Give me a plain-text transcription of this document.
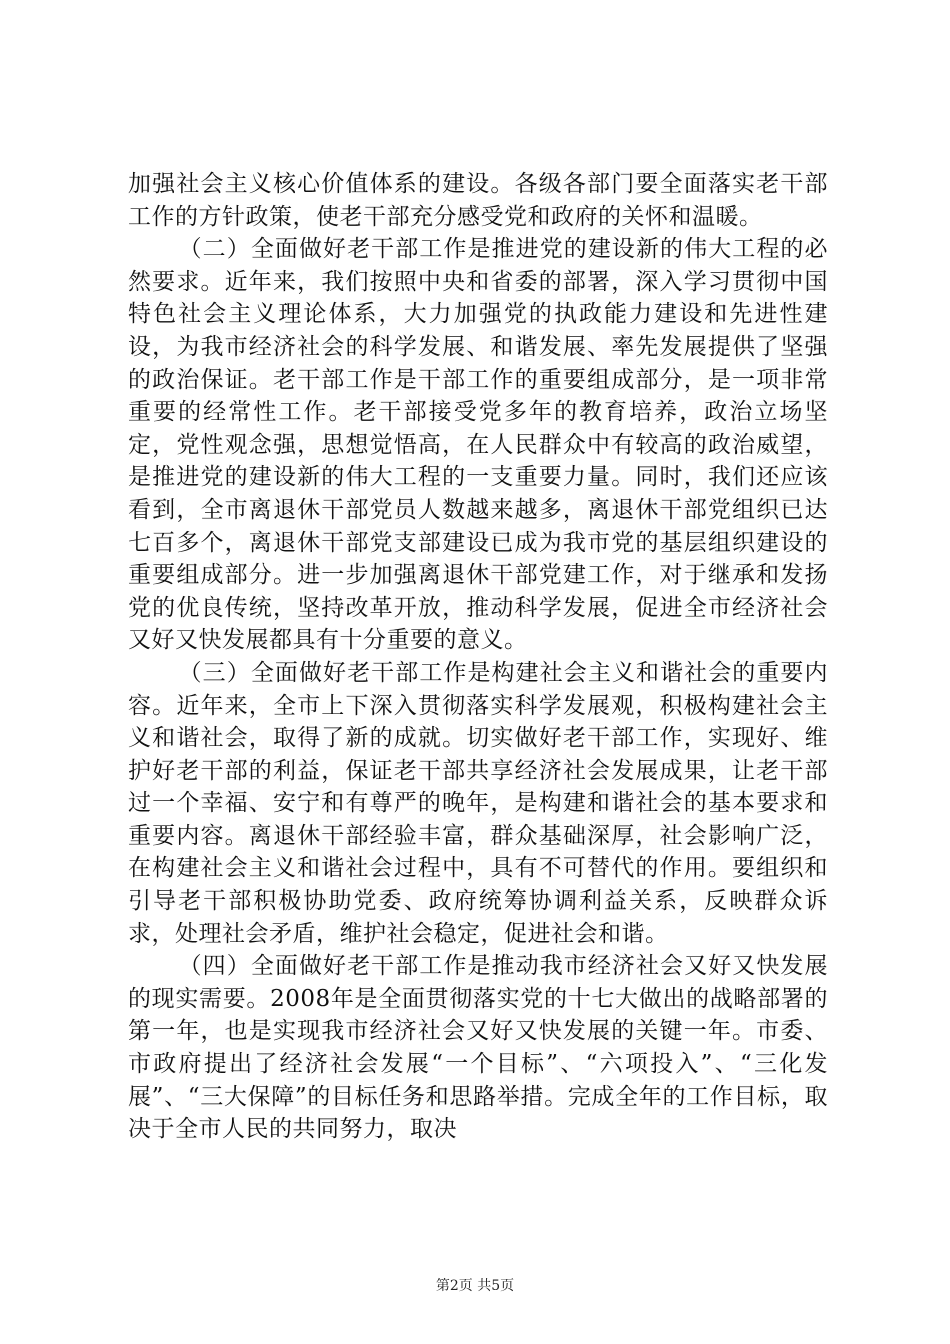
加强社会主义核心价值体系的建设。各级各部门要全面落实老干部工作的方针政策，使老干部充分感受党和政府的关怀和温暖。

（二）全面做好老干部工作是推进党的建设新的伟大工程的必然要求。近年来，我们按照中央和省委的部署，深入学习贯彻中国特色社会主义理论体系，大力加强党的执政能力建设和先进性建设，为我市经济社会的科学发展、和谐发展、率先发展提供了坚强的政治保证。老干部工作是干部工作的重要组成部分，是一项非常重要的经常性工作。老干部接受党多年的教育培养，政治立场坚定，党性观念强，思想觉悟高，在人民群众中有较高的政治威望，是推进党的建设新的伟大工程的一支重要力量。同时，我们还应该看到，全市离退休干部党员人数越来越多，离退休干部党组织已达七百多个，离退休干部党支部建设已成为我市党的基层组织建设的重要组成部分。进一步加强离退休干部党建工作，对于继承和发扬党的优良传统，坚持改革开放，推动科学发展，促进全市经济社会又好又快发展都具有十分重要的意义。

（三）全面做好老干部工作是构建社会主义和谐社会的重要内容。近年来，全市上下深入贯彻落实科学发展观，积极构建社会主义和谐社会，取得了新的成就。切实做好老干部工作，实现好、维护好老干部的利益，保证老干部共享经济社会发展成果，让老干部过一个幸福、安宁和有尊严的晚年，是构建和谐社会的基本要求和重要内容。离退休干部经验丰富，群众基础深厚，社会影响广泛，在构建社会主义和谐社会过程中，具有不可替代的作用。要组织和引导老干部积极协助党委、政府统筹协调利益关系，反映群众诉求，处理社会矛盾，维护社会稳定，促进社会和谐。

（四）全面做好老干部工作是推动我市经济社会又好又快发展的现实需要。2008年是全面贯彻落实党的十七大做出的战略部署的第一年，也是实现我市经济社会又好又快发展的关键一年。市委、市政府提出了经济社会发展“一个目标”、“六项投入”、“三化发展”、“三大保障”的目标任务和思路举措。完成全年的工作目标，取决于全市人民的共同努力，取决

第2页 共5页
